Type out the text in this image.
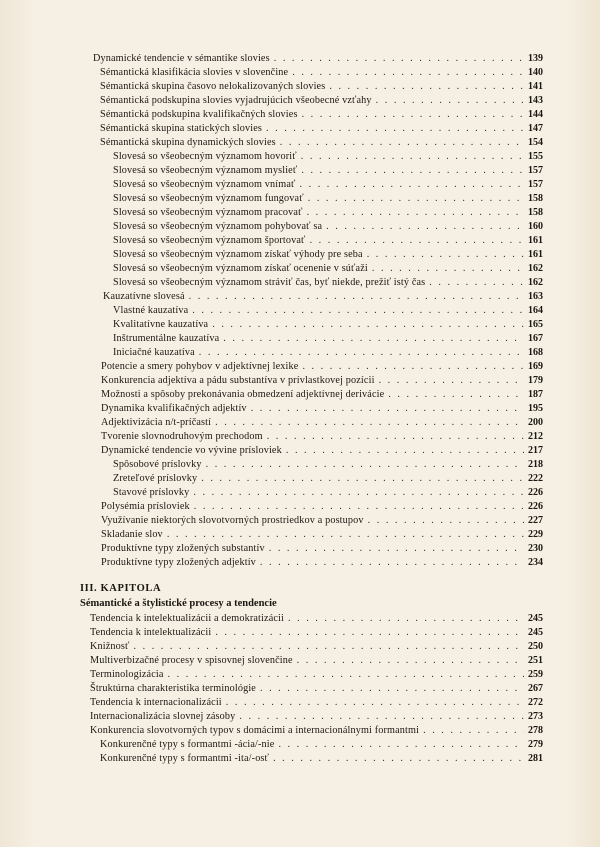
Dynamické tendencie v sémantike slovies . . .	139
Sémantická klasifikácia slovies v slovenčine . . .	140
Sémantická skupina časovo nelokalizovaných slovies . . .	141
Sémantická podskupina slovies vyjadrujúcich všeobecné vzťahy . . .	143
Sémantická podskupina kvalifikačných slovies . . .	144
Sémantická skupina statických slovies . . .	147
Sémantická skupina dynamických slovies . . .	154
Slovesá so všeobecným významom hovoriť . . .	155
Slovesá so všeobecným významom myslieť . . .	157
Slovesá so všeobecným významom vnímať . . .	157
Slovesá so všeobecným významom fungovať . . .	158
Slovesá so všeobecným významom pracovať . . .	158
Slovesá so všeobecným významom pohybovať sa . . .	160
Slovesá so všeobecným významom športovať . . .	161
Slovesá so všeobecným významom získať výhody pre seba . . .	161
Slovesá so všeobecným významom získať ocenenie v súťaži . . .	162
Slovesá so všeobecným významom stráviť čas, byť niekde, prežiť istý čas . . .	162
Kauzatívne slovesá . . .	163
Vlastné kauzatíva . . .	164
Kvalitatívne kauzatíva . . .	165
Inštrumentálne kauzatíva . . .	167
Iniciačné kauzatíva . . .	168
Potencie a smery pohybov v adjektívnej lexike . . .	169
Konkurencia adjektíva a pádu substantíva v prívlastkovej pozícii . . .	179
Možnosti a spôsoby prekonávania obmedzení adjektívnej derivácie . . .	187
Dynamika kvalifikačných adjektív . . .	195
Adjektivizácia n/t-príčastí . . .	200
Tvorenie slovnodruhovým prechodom . . .	212
Dynamické tendencie vo vývine prísloviek . . .	217
Spôsobové príslovky . . .	218
Zreteľové príslovky . . .	222
Stavové príslovky . . .	226
Polysémia prísloviek . . .	226
Využívanie niektorých slovotvorných prostriedkov a postupov . . .	227
Skladanie slov . . .	229
Produktívne typy zložených substantív . . .	230
Produktívne typy zložených adjektív . . .	234
Tendencia k intelektualizácii a demokratizácii . . .	245
Tendencia k intelektualizácii . . .	245
Knižnosť . . .	250
Multiverbizačné procesy v spisovnej slovenčine . . .	251
Terminologizácia . . .	259
Štruktúrna charakteristika terminológie . . .	267
Tendencia k internacionalizácii . . .	272
Internacionalizácia slovnej zásoby . . .	273
Konkurencia slovotvorných typov s domácimi a internacionálnymi formantmi . . .	278
Konkurenčné typy s formantmi -ácia/-nie . . .	279
Konkurenčné typy s formantmi -ita/-osť . . .	281
III. KAPITOLA
Sémantické a štylistické procesy a tendencie
